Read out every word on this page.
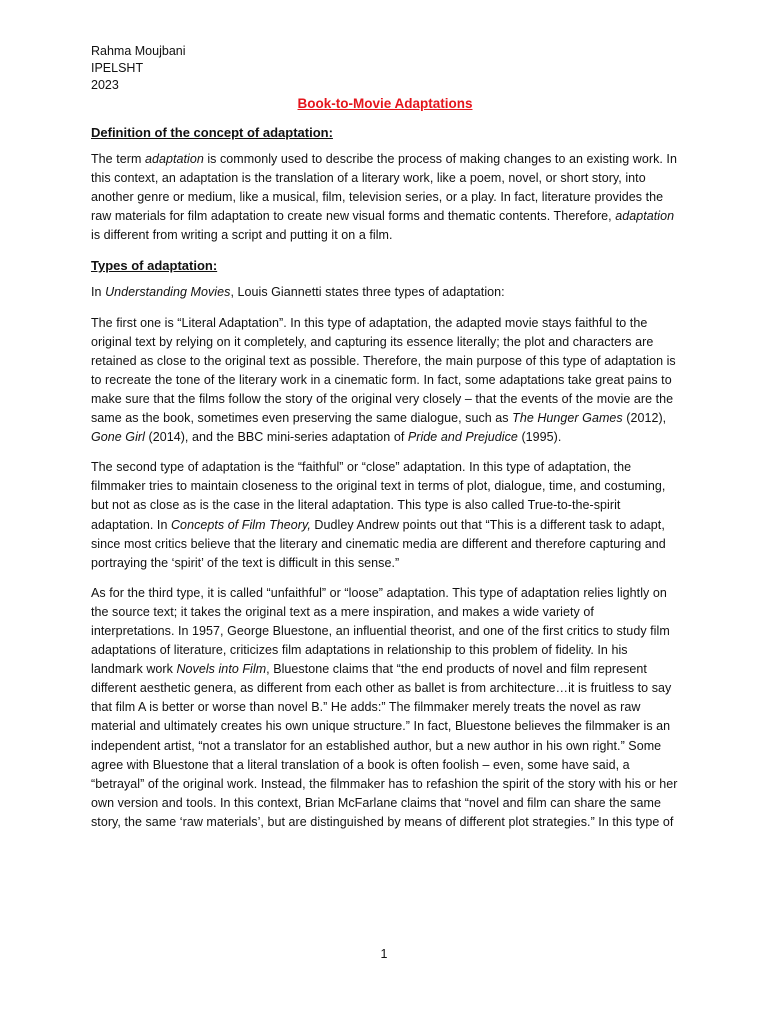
Rahma Moujbani

IPELSHT

2023

Book-to-Movie Adaptations

Definition of the concept of adaptation:

The term adaptation is commonly used to describe the process of making changes to an existing work. In this context, an adaptation is the translation of a literary work, like a poem, novel, or short story, into another genre or medium, like a musical, film, television series, or a play. In fact, literature provides the raw materials for film adaptation to create new visual forms and thematic contents. Therefore, adaptation is different from writing a script and putting it on a film.

Types of adaptation:

In Understanding Movies, Louis Giannetti states three types of adaptation:

The first one is “Literal Adaptation”. In this type of adaptation, the adapted movie stays faithful to the original text by relying on it completely, and capturing its essence literally; the plot and characters are retained as close to the original text as possible. Therefore, the main purpose of this type of adaptation is to recreate the tone of the literary work in a cinematic form. In fact, some adaptations take great pains to make sure that the films follow the story of the original very closely – that the events of the movie are the same as the book, sometimes even preserving the same dialogue, such as The Hunger Games (2012), Gone Girl (2014), and the BBC mini-series adaptation of Pride and Prejudice (1995).

The second type of adaptation is the “faithful” or “close” adaptation. In this type of adaptation, the filmmaker tries to maintain closeness to the original text in terms of plot, dialogue, time, and costuming, but not as close as is the case in the literal adaptation. This type is also called True-to-the-spirit adaptation. In Concepts of Film Theory, Dudley Andrew points out that “This is a different task to adapt, since most critics believe that the literary and cinematic media are different and therefore capturing and portraying the ‘spirit’ of the text is difficult in this sense.”

As for the third type, it is called “unfaithful” or “loose” adaptation. This type of adaptation relies lightly on the source text; it takes the original text as a mere inspiration, and makes a wide variety of interpretations. In 1957, George Bluestone, an influential theorist, and one of the first critics to study film adaptations of literature, criticizes film adaptations in relationship to this problem of fidelity. In his landmark work Novels into Film, Bluestone claims that “the end products of novel and film represent different aesthetic genera, as different from each other as ballet is from architecture…it is fruitless to say that film A is better or worse than novel B.” He adds:” The filmmaker merely treats the novel as raw material and ultimately creates his own unique structure.” In fact, Bluestone believes the filmmaker is an independent artist, “not a translator for an established author, but a new author in his own right.” Some agree with Bluestone that a literal translation of a book is often foolish – even, some have said, a “betrayal” of the original work. Instead, the filmmaker has to refashion the spirit of the story with his or her own version and tools. In this context, Brian McFarlane claims that “novel and film can share the same story, the same ‘raw materials’, but are distinguished by means of different plot strategies.” In this type of

1
